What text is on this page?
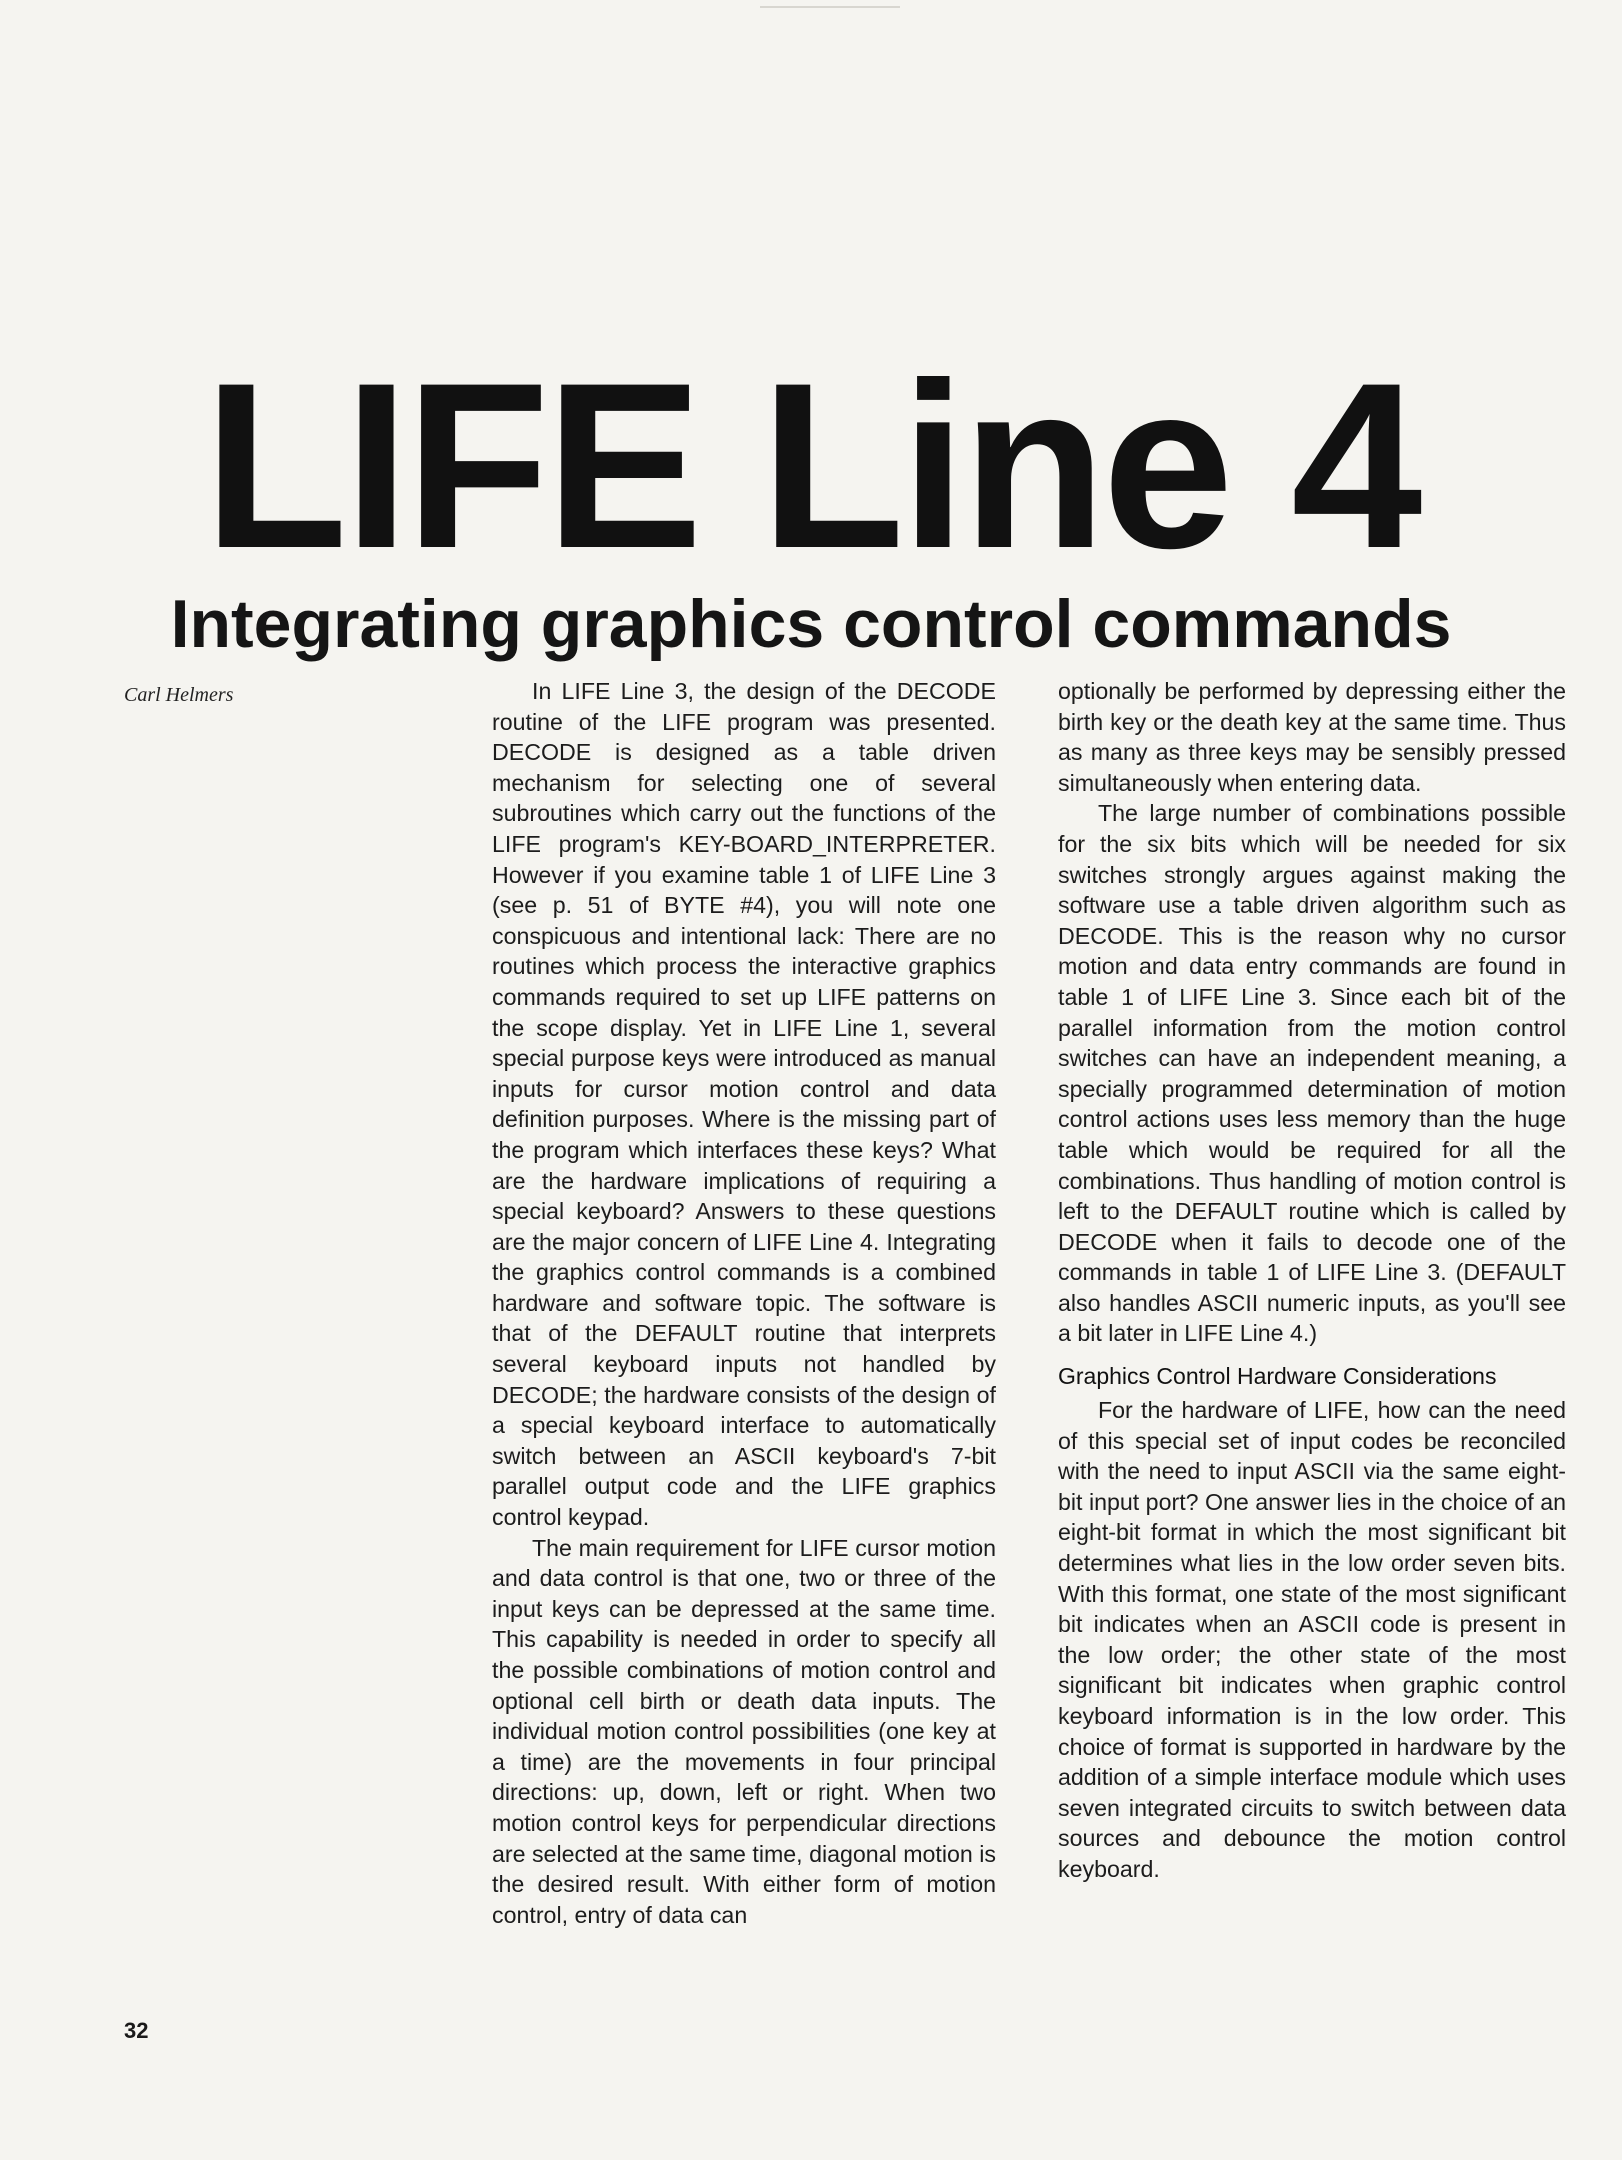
LIFE Line 4
Integrating graphics control commands
Carl Helmers	In LIFE Line 3, the design of the DECODE routine of the LIFE program was presented. DECODE is designed as a table driven mechanism for selecting one of several subroutines which carry out the functions of the LIFE program's KEY-BOARD_INTERPRETER. However if you examine table 1 of LIFE Line 3 (see p. 51 of BYTE #4), you will note one conspicuous and intentional lack: There are no routines which process the interactive graphics commands required to set up LIFE patterns on the scope display. Yet in LIFE Line 1, several special purpose keys were introduced as manual inputs for cursor motion control and data definition purposes. Where is the missing part of the program which interfaces these keys? What are the hardware implications of requiring a special keyboard? Answers to these questions are the major concern of LIFE Line 4. Integrating the graphics control commands is a combined hardware and software topic. The software is that of the DEFAULT routine that interprets several keyboard inputs not handled by DECODE; the hardware consists of the design of a special keyboard interface to automatically switch between an ASCII keyboard's 7-bit parallel output code and the LIFE graphics control keypad.

The main requirement for LIFE cursor motion and data control is that one, two or three of the input keys can be depressed at the same time. This capability is needed in order to specify all the possible combinations of motion control and optional cell birth or death data inputs. The individual motion control possibilities (one key at a time) are the movements in four principal directions: up, down, left or right. When two motion control keys for perpendicular directions are selected at the same time, diagonal motion is the desired result. With either form of motion control, entry of data can

optionally be performed by depressing either the birth key or the death key at the same time. Thus as many as three keys may be sensibly pressed simultaneously when entering data.

The large number of combinations possible for the six bits which will be needed for six switches strongly argues against making the software use a table driven algorithm such as DECODE. This is the reason why no cursor motion and data entry commands are found in table 1 of LIFE Line 3. Since each bit of the parallel information from the motion control switches can have an independent meaning, a specially programmed determination of motion control actions uses less memory than the huge table which would be required for all the combinations. Thus handling of motion control is left to the DEFAULT routine which is called by DECODE when it fails to decode one of the commands in table 1 of LIFE Line 3. (DEFAULT also handles ASCII numeric inputs, as you'll see a bit later in LIFE Line 4.)

Graphics Control Hardware Considerations

For the hardware of LIFE, how can the need of this special set of input codes be reconciled with the need to input ASCII via the same eight-bit input port? One answer lies in the choice of an eight-bit format in which the most significant bit determines what lies in the low order seven bits. With this format, one state of the most significant bit indicates when an ASCII code is present in the low order; the other state of the most significant bit indicates when graphic control keyboard information is in the low order. This choice of format is supported in hardware by the addition of a simple interface module which uses seven integrated circuits to switch between data sources and debounce the motion control keyboard.

32
